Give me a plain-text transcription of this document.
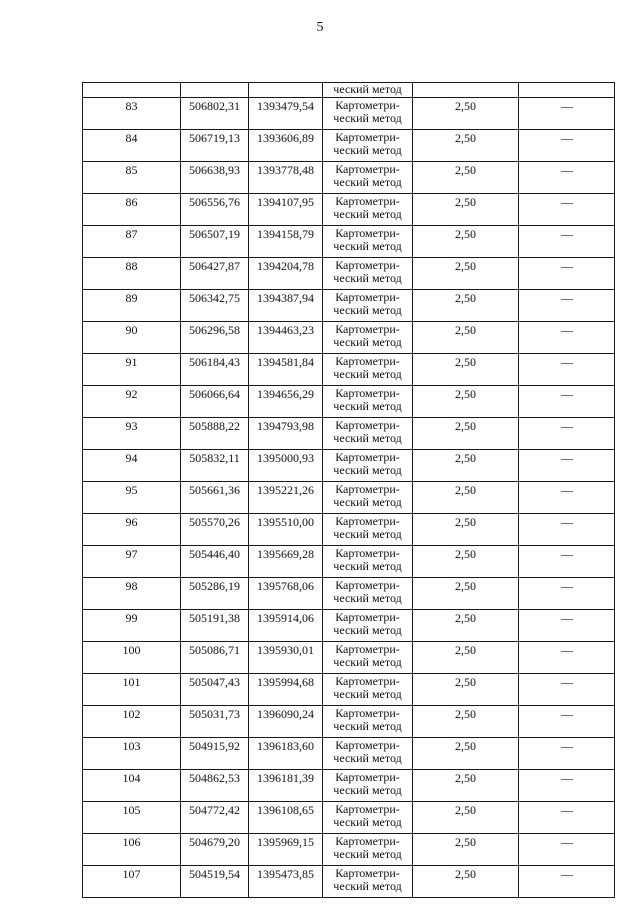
5
			ческий метод		
83	506802,31	1393479,54	Картометри-
ческий метод	2,50	—
84	506719,13	1393606,89	Картометри-
ческий метод	2,50	—
85	506638,93	1393778,48	Картометри-
ческий метод	2,50	—
86	506556,76	1394107,95	Картометри-
ческий метод	2,50	—
87	506507,19	1394158,79	Картометри-
ческий метод	2,50	—
88	506427,87	1394204,78	Картометри-
ческий метод	2,50	—
89	506342,75	1394387,94	Картометри-
ческий метод	2,50	—
90	506296,58	1394463,23	Картометри-
ческий метод	2,50	—
91	506184,43	1394581,84	Картометри-
ческий метод	2,50	—
92	506066,64	1394656,29	Картометри-
ческий метод	2,50	—
93	505888,22	1394793,98	Картометри-
ческий метод	2,50	—
94	505832,11	1395000,93	Картометри-
ческий метод	2,50	—
95	505661,36	1395221,26	Картометри-
ческий метод	2,50	—
96	505570,26	1395510,00	Картометри-
ческий метод	2,50	—
97	505446,40	1395669,28	Картометри-
ческий метод	2,50	—
98	505286,19	1395768,06	Картометри-
ческий метод	2,50	—
99	505191,38	1395914,06	Картометри-
ческий метод	2,50	—
100	505086,71	1395930,01	Картометри-
ческий метод	2,50	—
101	505047,43	1395994,68	Картометри-
ческий метод	2,50	—
102	505031,73	1396090,24	Картометри-
ческий метод	2,50	—
103	504915,92	1396183,60	Картометри-
ческий метод	2,50	—
104	504862,53	1396181,39	Картометри-
ческий метод	2,50	—
105	504772,42	1396108,65	Картометри-
ческий метод	2,50	—
106	504679,20	1395969,15	Картометри-
ческий метод	2,50	—
107	504519,54	1395473,85	Картометри-
ческий метод	2,50	—
